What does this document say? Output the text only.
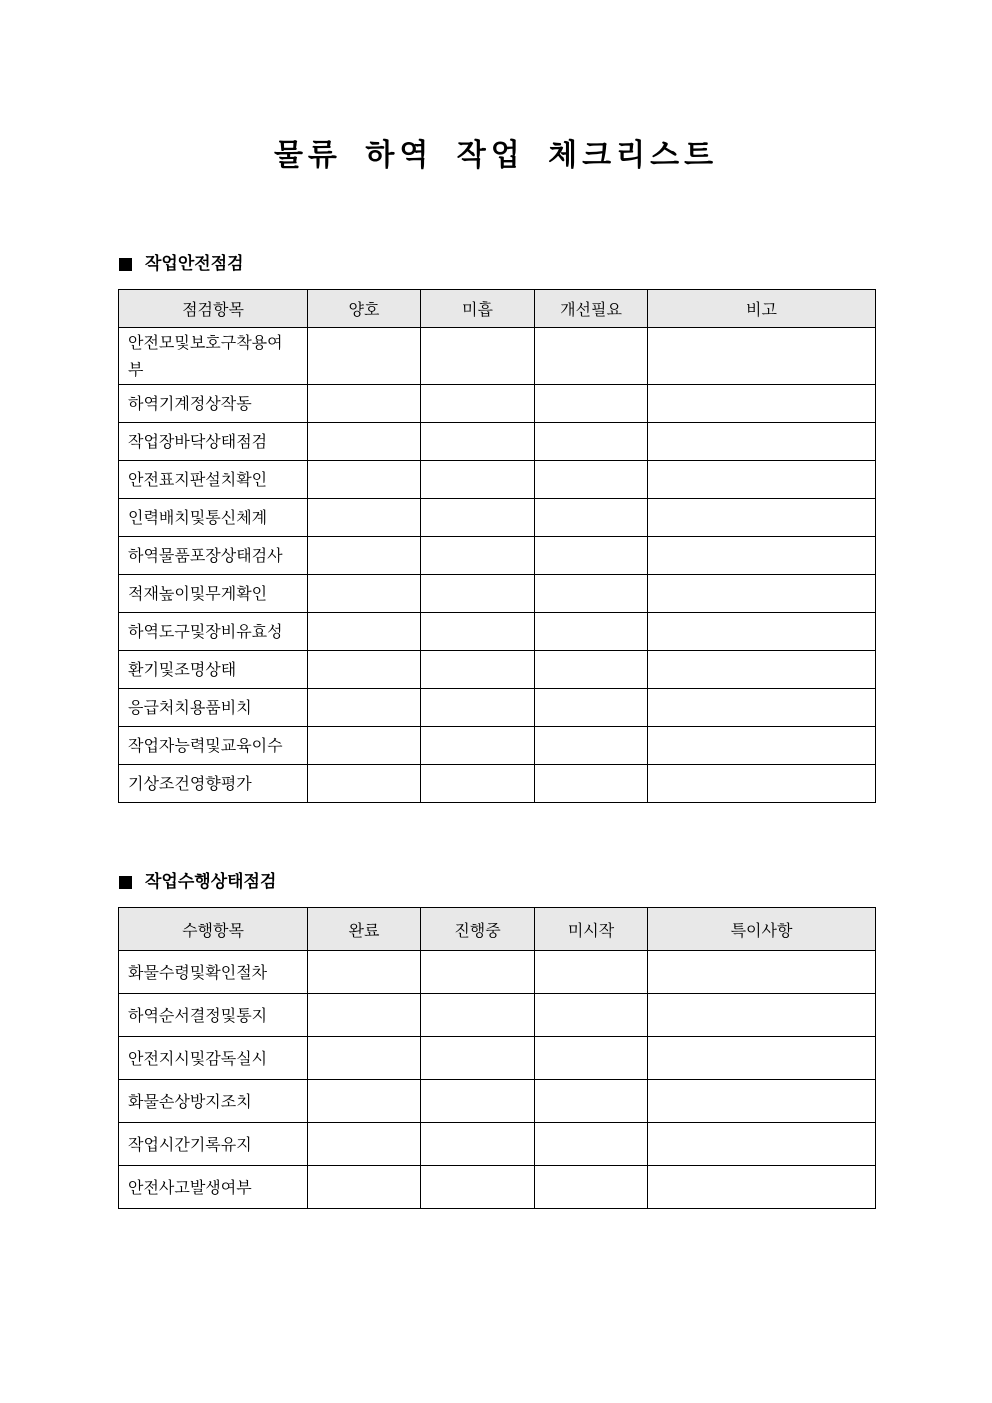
물류 하역 작업 체크리스트
작업안전점검
점검항목	양호	미흡	개선필요	비고
안전모및보호구착용여부				
하역기계정상작동				
작업장바닥상태점검				
안전표지판설치확인				
인력배치및통신체계				
하역물품포장상태검사				
적재높이및무게확인				
하역도구및장비유효성				
환기및조명상태				
응급처치용품비치				
작업자능력및교육이수				
기상조건영향평가				
작업수행상태점검
수행항목	완료	진행중	미시작	특이사항
화물수령및확인절차				
하역순서결정및통지				
안전지시및감독실시				
화물손상방지조치				
작업시간기록유지				
안전사고발생여부				
